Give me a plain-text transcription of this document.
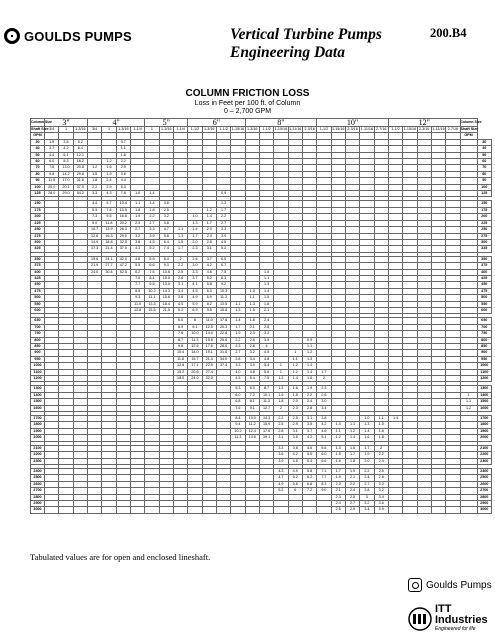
GOULDS PUMPS	Vertical Turbine Pumps
Engineering Data
200.B4
COLUMN FRICTION LOSS
Loss in Feet per 100 ft. of Column
0 – 2,700 GPM
Column Size	3"			4"				5"			6"				8"					10"					12"					Column Size	
Shaft Size	3/4	1	1-3/16	3/4	1	1-3/16	1-1/4	1	1-3/16	1-1/4	1-1/2	1-3/16	1-1/2	1-15/16	1-3/16	1-1/2	1-15/16	1-11/16	2-3/16	1-1/2	1-15/16	2-3/16	1-11/16	2-7/16	1-1/2	1-15/16	2-3/16	1-11/16	2-7/16	Shaft Size	
GPM																														GPM	
30	1.9	3.6	5.2			0.7																									30
40	3.7	4.2	6.4			1.1																									40
50	4.4	6.1	12.1			1.6																									50
60	6.0	8.3	16.2		1.2	2.2																									60
70	7.8	13.0	20.8	1.2	1.6	2.9																									70
80	9.8	14.2	29.8	1.5	1.9	3.6																									80
90	11.5	17.0	31.6	1.8	2.4	4.4																									90
100	20.0	20.1	37.5	2.2	2.9	5.3																									100
125	28.0	29.0	54.2	3.3	4.3	7.8	1.0	1.4					0.9																		125

150				4.4	5.7	10.4	1.1	1.4	3.6				1.3																		150
175				5.9	7.6	13.5	1.8	1.8	2.5			1.2	1.7																		175
200				7.3	9.5	16.6	1.9	2.2	3.2		1.0	1.4	2.2																		200
225				9.0	11.8	20.2	2.3	2.7	3.8		1.3	1.7	2.7																		225
250				10.7	13.9	26.3	2.7	3.3	4.7	1.1	1.4	2.0	3.3																		250
275				12.8	16.3	29.0	3.2	3.9	5.8	1.3	1.7	2.4	3.9																		275
300				14.9	18.8	32.5	3.8	4.5	6.4	1.5	2.0	2.8	4.5																		300
325				17.3	21.4	37.0	4.3	5.2	7.4	1.7	2.3	3.1	5.2																		325

350				19.6	24.1	42.0	4.8	5.9	8.4	2	2.6	3.7	6.0																		350
375				21.9	27.7	47.2	5.5	6.6	9.3	2.2	3.0	4.2	6.7																		375
400				24.0	30.4	52.5	6.2	7.5	10.6	2.5	3.3	4.6	7.5			1.0															400
425							7.0	8.4	15.0	2.8	3.7	5.2	8.3			1.1															425
450							7.7	9.5	13.0	3.1	4.1	5.8	9.2			1.3															450
475							8.5	10.2	14.3	3.4	4.5	6.3	10.3		1.0	1.4															475
500							9.3	11.1	15.6	3.8	4.9	6.9	11.3		1.1	1.5															500
550							11.0	13.3	18.4	4.5	5.9	8.2	13.5	1.1	1.3	1.8															550
600							12.8	15.5	21.5	5.2	6.9	9.5	15.8	1.3	1.5	2.1															600

650										6.0	8	11.0	17.8	1.4	1.8	2.4															650
700										6.9	9.1	12.5	20.3	1.7	2.1	2.8															700
750										7.8	10.0	14.0	22.8	1.9	2.3	3.2															750
800										8.7	11.3	15.5	25.8	2.2	2.6	3.5			0.9												800
850										9.8	12.5	17.6	28.0	2.3	2.8	4			1.1												850
900										10.4	14.0	19.1	31.6	2.7	3.2	4.5		1	1.2												900
950										11.8	15.7	21.3	34.0	2.8	3.4	4.8		1.1	1.3												950
1000										12.8	17.1	22.9	37.4	3.3	3.9	5.4	1	1.2	1.4												1000
1100										15.2	20.6	27.4		4.0	4.8	5.6	1	1.2	1.4	1.7											1100
1200										18.0	24.0	32.0		4.5	5.4	7.5	1.2	1.4	1.6	2											1200

1300														5.3	6.3	8.7	1.3	1.6	1.9	2.3											1300
1400														6.0	7.2	10.1	1.6	1.8	2.2	2.6										1	1400
1500														6.8	8.1	11.3	1.8	2.0	2.4	3.0										1.1	1500
1600														7.6	9.1	12.7	2	2.3	2.8	3.4										1.2	1600

1700														8.4	10.0	14.3	2.2	2.5	3.1	3.8			1.0	1.1	1.4						1700
1800														9.4	11.2	15.9	2.5	2.9	3.5	4.2	1.0	1.1	1.3	1.5							1800
1900														10.2	12.4	17.6	2.8	3.1	3.7	4.6	1.1	1.2	1.4	1.6							1900
2000														11.3	13.6	19.1	3.1	3.5	4.2	5.1	1.2	1.4	1.6	1.8							2000

2100																	3.3	3.8	4.6	5.6	1.3	1.5	1.7	2							2100
2200																	3.6	4.2	5.0	6.0	1.5	1.7	1.9	2.2							2200
2300																	3.9	4.5	5.4	6.6	1.6	1.8	2.0	2.4							2300

2400																	4.3	4.9	5.8	7.1	1.7	1.9	2.2	2.5							2400
2500																	4.7	5.2	6.2	7.7	1.9	2.1	2.4	2.8							2500
2600																	4.9	5.6	6.6	8.3	2.0	2.2	2.7	3.0							2600
2700																	5.2	6	7.2	9.0	2.1	2.4	2.8	3.2							2700
2800																					2.3	2.5	3	3.4							2800
2900																					2.4	2.7	3.2	3.6							2900
3000																					2.6	2.9	3.4	3.9							3000
Tabulated values are for open and enclosed lineshaft.
Goulds Pumps
ITT Industries
Engineered for life
